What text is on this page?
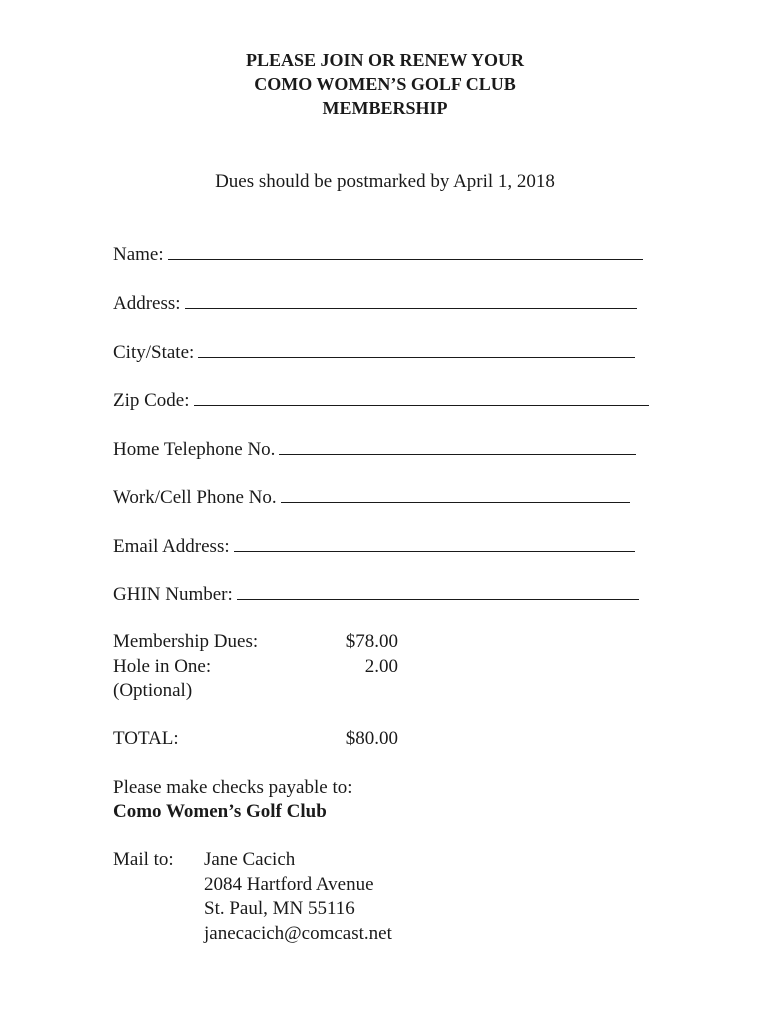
PLEASE JOIN OR RENEW YOUR
COMO WOMEN’S GOLF CLUB
MEMBERSHIP
Dues should be postmarked by April 1, 2018
Name:
Address:
City/State:
Zip Code:
Home Telephone No.
Work/Cell Phone No.
Email Address:
GHIN Number:
Membership Dues:	$78.00
Hole in One:	2.00
(Optional)
TOTAL:	$80.00
Please make checks payable to:
Como Women’s Golf Club
Mail to: Jane Cacich
2084 Hartford Avenue
St. Paul, MN 55116
janecacich@comcast.net
